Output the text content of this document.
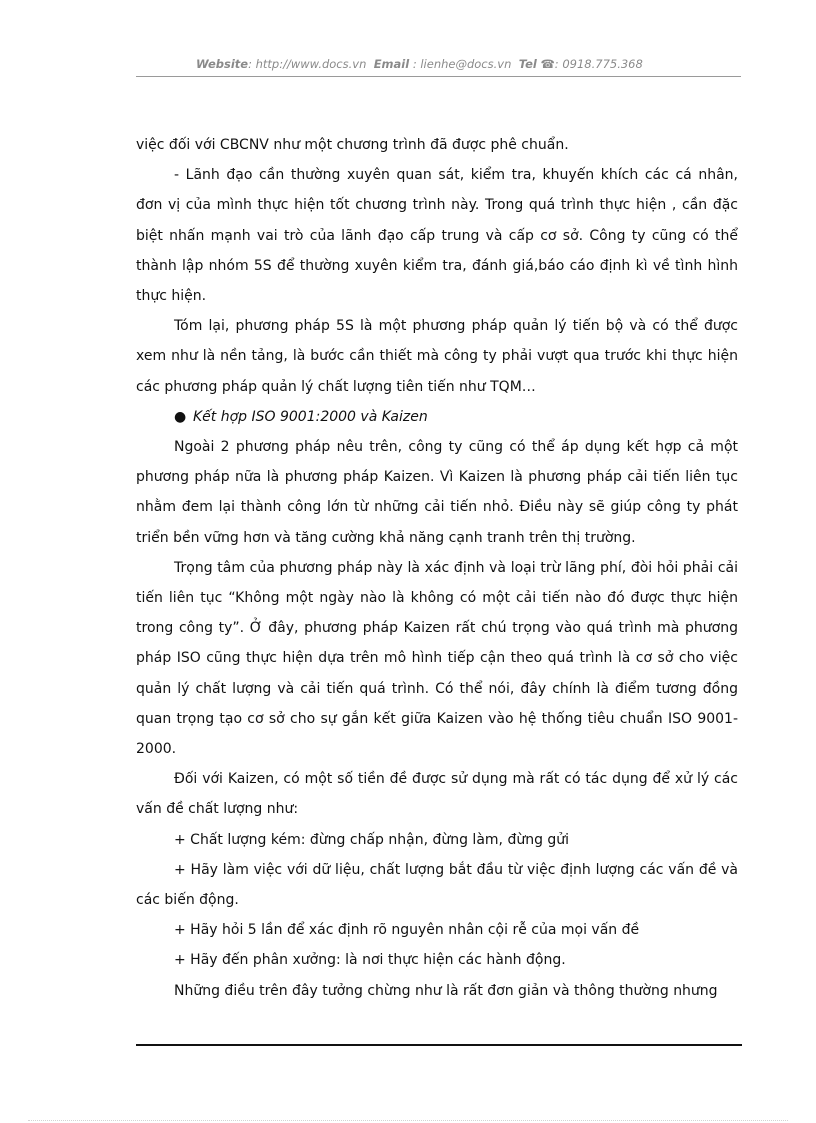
Website: http://www.docs.vn Email : lienhe@docs.vn Tel ☎: 0918.775.368

việc đối với CBCNV như một chương trình đã được phê chuẩn.

- Lãnh đạo cần thường xuyên quan sát, kiểm tra, khuyến khích các cá nhân, đơn vị của mình thực hiện tốt chương trình này. Trong quá trình thực hiện , cần đặc biệt nhấn mạnh vai trò của lãnh đạo cấp trung và cấp cơ sở. Công ty cũng có thể thành lập nhóm 5S để thường xuyên kiểm tra, đánh giá,báo cáo định kì về tình hình thực hiện.

Tóm lại, phương pháp 5S là một phương pháp quản lý tiến bộ và có thể được xem như là nền tảng, là bước cần thiết mà công ty phải vượt qua trước khi thực hiện các phương pháp quản lý chất lượng tiên tiến như TQM…

● Kết hợp ISO 9001:2000 và Kaizen

Ngoài 2 phương pháp nêu trên, công ty cũng có thể áp dụng kết hợp cả một phương pháp nữa là phương pháp Kaizen. Vì Kaizen là phương pháp cải tiến liên tục nhằm đem lại thành công lớn từ những cải tiến nhỏ. Điều này sẽ giúp công ty phát triển bền vững hơn và tăng cường khả năng cạnh tranh trên thị trường.

Trọng tâm của phương pháp này là xác định và loại trừ lãng phí, đòi hỏi phải cải tiến liên tục “Không một ngày nào là không có một cải tiến nào đó được thực hiện trong công ty”. Ở đây, phương pháp Kaizen rất chú trọng vào quá trình mà phương pháp ISO cũng thực hiện dựa trên mô hình tiếp cận theo quá trình là cơ sở cho việc quản lý chất lượng và cải tiến quá trình. Có thể nói, đây chính là điểm tương đồng quan trọng tạo cơ sở cho sự gắn kết giữa Kaizen vào hệ thống tiêu chuẩn ISO 9001- 2000.

Đối với Kaizen, có một số tiền đề được sử dụng mà rất có tác dụng để xử lý các vấn đề chất lượng như:

+ Chất lượng kém: đừng chấp nhận, đừng làm, đừng gửi

+ Hãy làm việc với dữ liệu, chất lượng bắt đầu từ việc định lượng các vấn đề và các biến động.

+ Hãy hỏi 5 lần để xác định rõ nguyên nhân cội rễ của mọi vấn đề

+ Hãy đến phân xưởng: là nơi thực hiện các hành động.

Những điều trên đây tưởng chừng như là rất đơn giản và thông thường nhưng
